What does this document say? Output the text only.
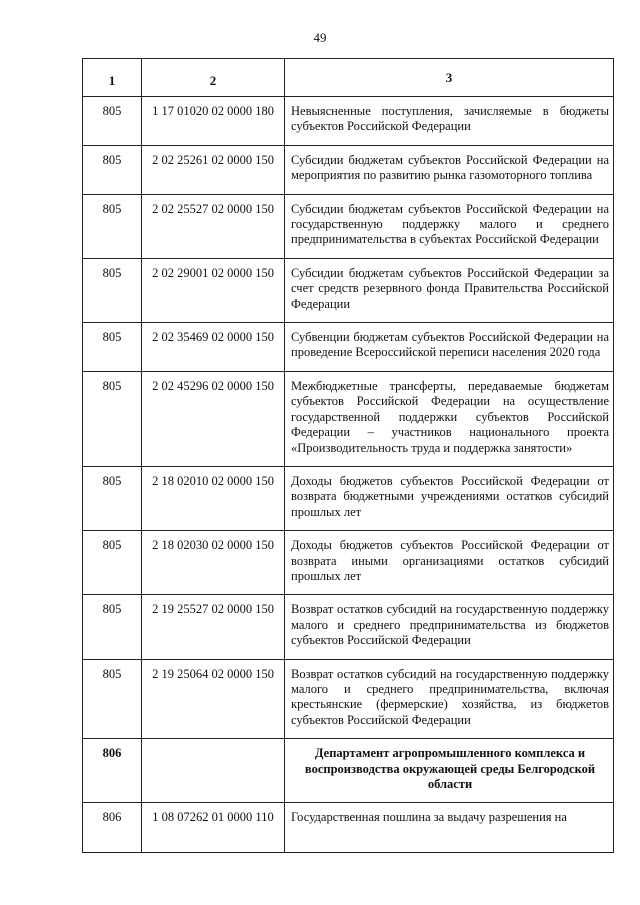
49
1	2	3
805	1 17 01020 02 0000 180	Невыясненные поступления, зачисляемые в бюджеты субъектов Российской Федерации
805	2 02 25261 02 0000 150	Субсидии бюджетам субъектов Российской Федерации на мероприятия по развитию рынка газомоторного топлива
805	2 02 25527 02 0000 150	Субсидии бюджетам субъектов Российской Федерации на государственную поддержку малого и среднего предпринимательства в субъектах Российской Федерации
805	2 02 29001 02 0000 150	Субсидии бюджетам субъектов Российской Федерации за счет средств резервного фонда Правительства Российской Федерации
805	2 02 35469 02 0000 150	Субвенции бюджетам субъектов Российской Федерации на проведение Всероссийской переписи населения 2020 года
805	2 02 45296 02 0000 150	Межбюджетные трансферты, передаваемые бюджетам субъектов Российской Федерации на осуществление государственной поддержки субъектов Российской Федерации – участников национального проекта «Производительность труда и поддержка занятости»
805	2 18 02010 02 0000 150	Доходы бюджетов субъектов Российской Федерации от возврата бюджетными учреждениями остатков субсидий прошлых лет
805	2 18 02030 02 0000 150	Доходы бюджетов субъектов Российской Федерации от возврата иными организациями остатков субсидий прошлых лет
805	2 19 25527 02 0000 150	Возврат остатков субсидий на государственную поддержку малого и среднего предпринимательства из бюджетов субъектов Российской Федерации
805	2 19 25064 02 0000 150	Возврат остатков субсидий на государственную поддержку малого и среднего предпринимательства, включая крестьянские (фермерские) хозяйства, из бюджетов субъектов Российской Федерации
806		Департамент агропромышленного комплекса и воспроизводства окружающей среды Белгородской области
806	1 08 07262 01 0000 110	Государственная пошлина за выдачу разрешения на
